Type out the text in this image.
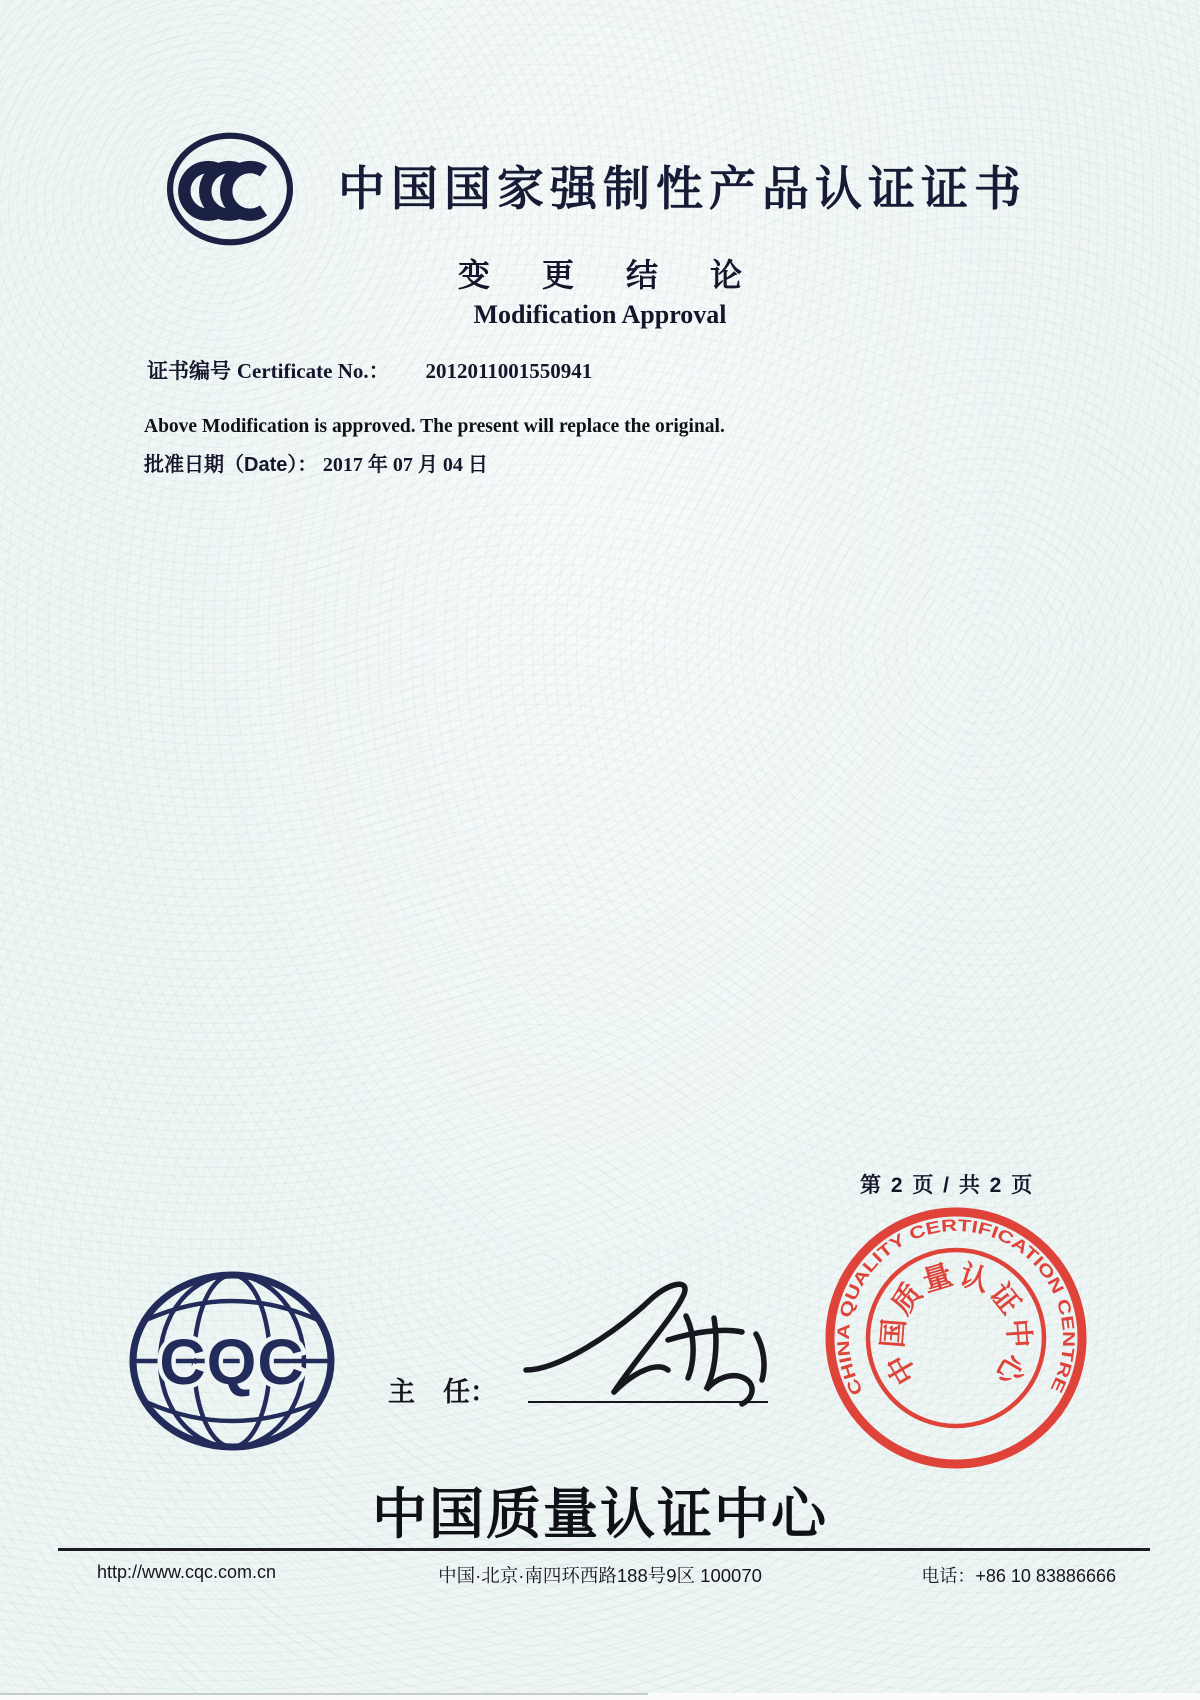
中国国家强制性产品认证证书
变 更 结 论
Modification Approval
证书编号 Certificate No.： 2012011001550941
Above Modification is approved. The present will replace the original.
批准日期（Date）： 2017 年 07 月 04 日
第 2 页 / 共 2 页
CQC	主 任：	CHINA QUALITY CERTIFICATION CENTRE
中
国
质
量 认
证
中
心
中国质量认证中心
http://www.cqc.com.cn	中国·北京·南四环西路188号9区 100070	电话：+86 10 83886666
